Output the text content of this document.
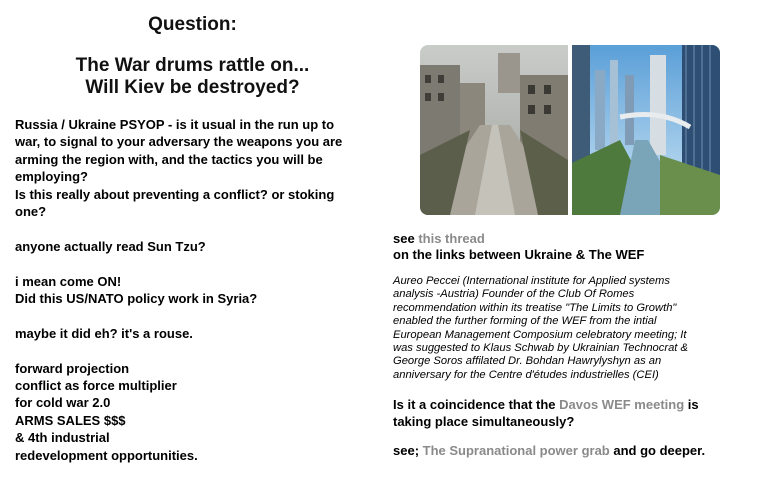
Question:
The War drums rattle on...
Will Kiev be destroyed?

Russia / Ukraine PSYOP - is it usual in the run up to

war, to signal to your adversary the weapons you are

arming the region with, and the tactics you will be

employing?

Is this really about preventing a conflict? or stoking

one?

anyone actually read Sun Tzu?

i mean come ON!

Did this US/NATO policy work in Syria?

maybe it did eh? it's a rouse.

forward projection

conflict as force multiplier

for cold war 2.0

ARMS SALES $$$

& 4th industrial

redevelopment opportunities.

see this thread

on the links between Ukraine & The WEF

Aureo Peccei (International institute for Applied systems

analysis -Austria) Founder of the Club Of Romes

recommendation within its treatise "The Limits to Growth"

enabled the further forming of the WEF from the intial

European Management Composium celebratory meeting; It

was suggested to Klaus Schwab by Ukrainian Technocrat &

George Soros affilated Dr. Bohdan Hawrylyshyn as an

anniversary for the Centre d'études industrielles (CEI)

Is it a coincidence that the Davos WEF meeting is

taking place simultaneously?

see; The Supranational power grab and go deeper.
